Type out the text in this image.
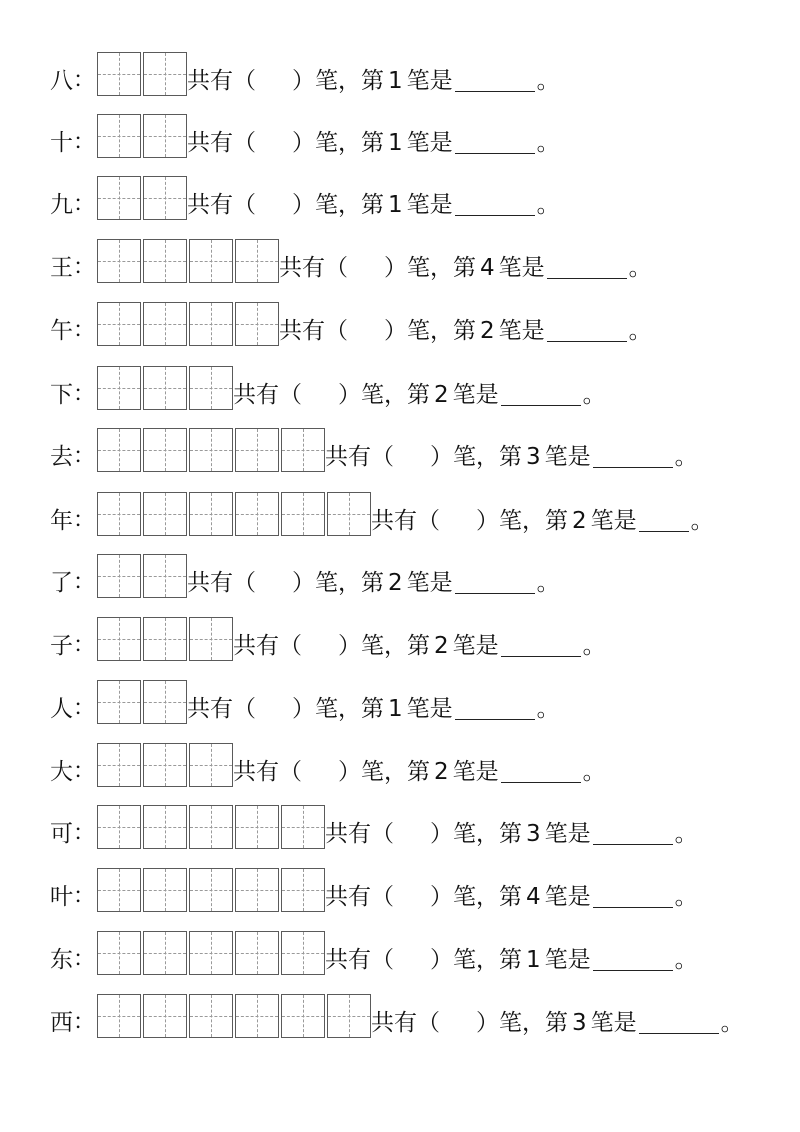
八 ：	共有（ ）笔，第 1 笔是	。
十 ：	共有（ ）笔，第 1 笔是	。
九 ：	共有（ ）笔，第 1 笔是	。
王 ：	共有（ ）笔，第 4 笔是	。
午 ：	共有（ ）笔，第 2 笔是	。
下 ：	共有（ ）笔，第 2 笔是	。
去 ：	共有（ ）笔，第 3 笔是	。
年 ：	共有（ ）笔，第 2 笔是 。
了 ：	共有（ ）笔，第 2 笔是	。
子 ：	共有（ ）笔，第 2 笔是	。
人 ：	共有（ ）笔，第 1 笔是	。
大 ：	共有（ ）笔，第 2 笔是	。
可 ：	共有（ ）笔，第 3 笔是	。
叶 ：	共有（ ）笔，第 4 笔是	。
东 ：	共有（ ）笔，第 1 笔是	。
西 ：	共有（ ）笔，第 3 笔是	。
